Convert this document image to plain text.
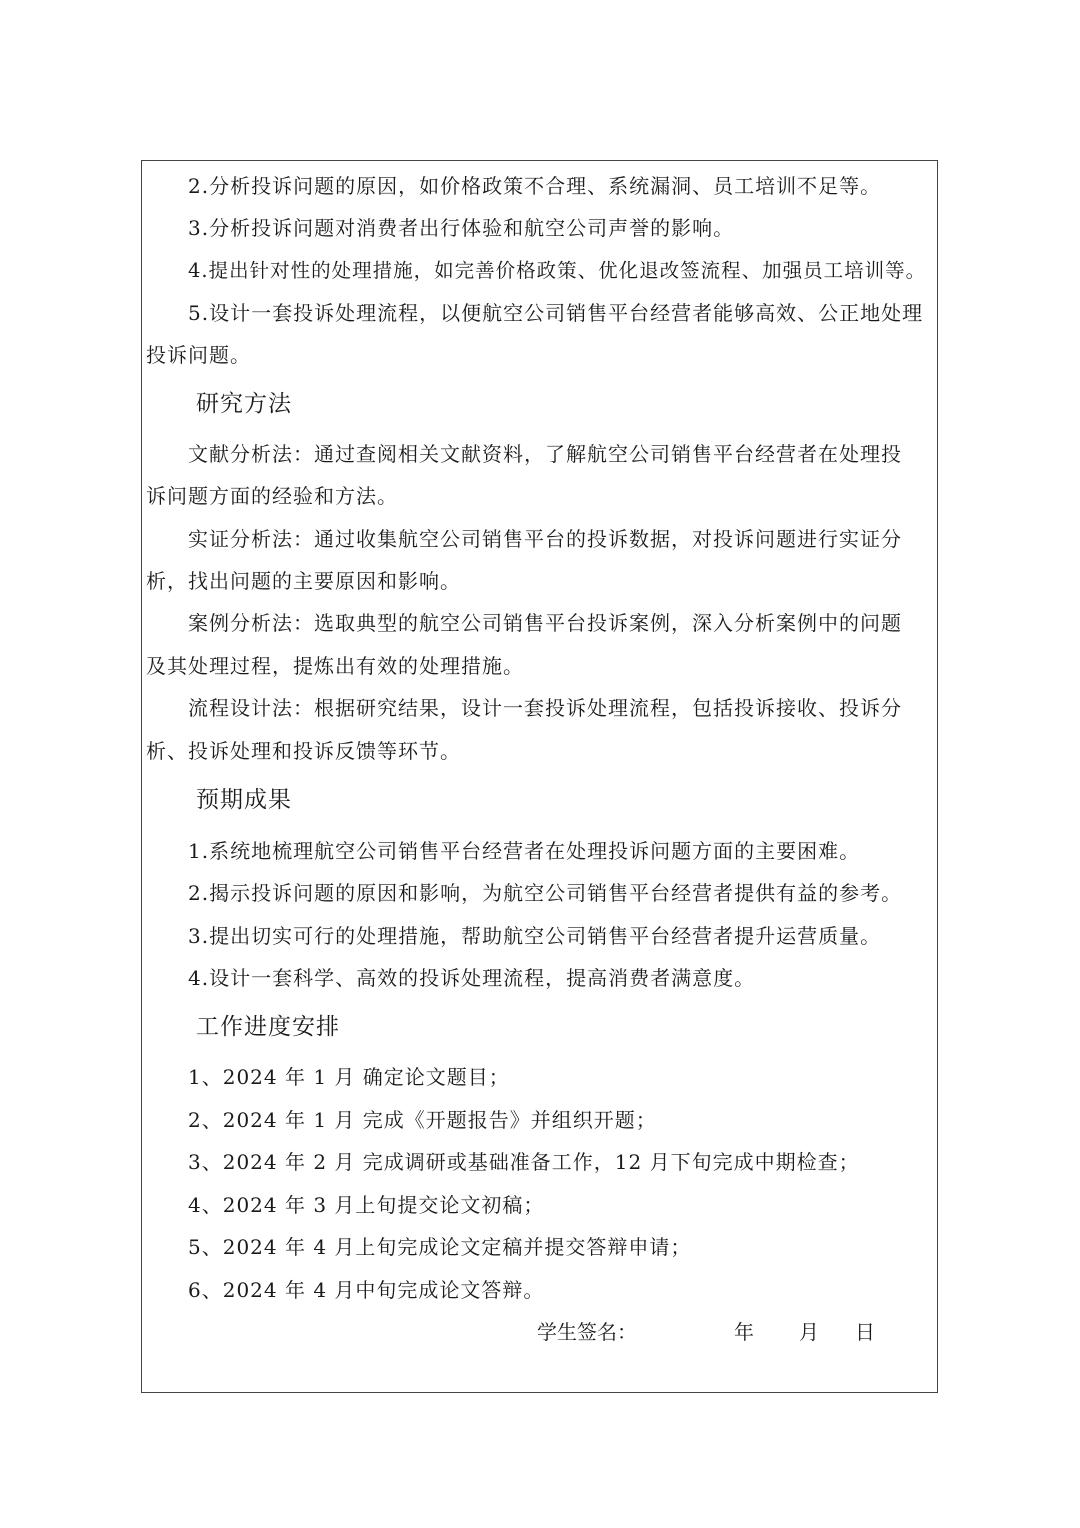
2.分析投诉问题的原因，如价格政策不合理、系统漏洞、员工培训不足等。
3.分析投诉问题对消费者出行体验和航空公司声誉的影响。
4.提出针对性的处理措施，如完善价格政策、优化退改签流程、加强员工培训等。
5.设计一套投诉处理流程，以便航空公司销售平台经营者能够高效、公正地处理
投诉问题。
研究方法
文献分析法：通过查阅相关文献资料，了解航空公司销售平台经营者在处理投
诉问题方面的经验和方法。
实证分析法：通过收集航空公司销售平台的投诉数据，对投诉问题进行实证分
析，找出问题的主要原因和影响。
案例分析法：选取典型的航空公司销售平台投诉案例，深入分析案例中的问题
及其处理过程，提炼出有效的处理措施。
流程设计法：根据研究结果，设计一套投诉处理流程，包括投诉接收、投诉分
析、投诉处理和投诉反馈等环节。
预期成果
1.系统地梳理航空公司销售平台经营者在处理投诉问题方面的主要困难。
2.揭示投诉问题的原因和影响，为航空公司销售平台经营者提供有益的参考。
3.提出切实可行的处理措施，帮助航空公司销售平台经营者提升运营质量。
4.设计一套科学、高效的投诉处理流程，提高消费者满意度。
工作进度安排
1、2024 年 1 月 确定论文题目；
2、2024 年 1 月 完成《开题报告》并组织开题；
3、2024 年 2 月 完成调研或基础准备工作，12 月下旬完成中期检查；
4、2024 年 3 月上旬提交论文初稿；
5、2024 年 4 月上旬完成论文定稿并提交答辩申请；
6、2024 年 4 月中旬完成论文答辩。
学生签名：	年 月 日
